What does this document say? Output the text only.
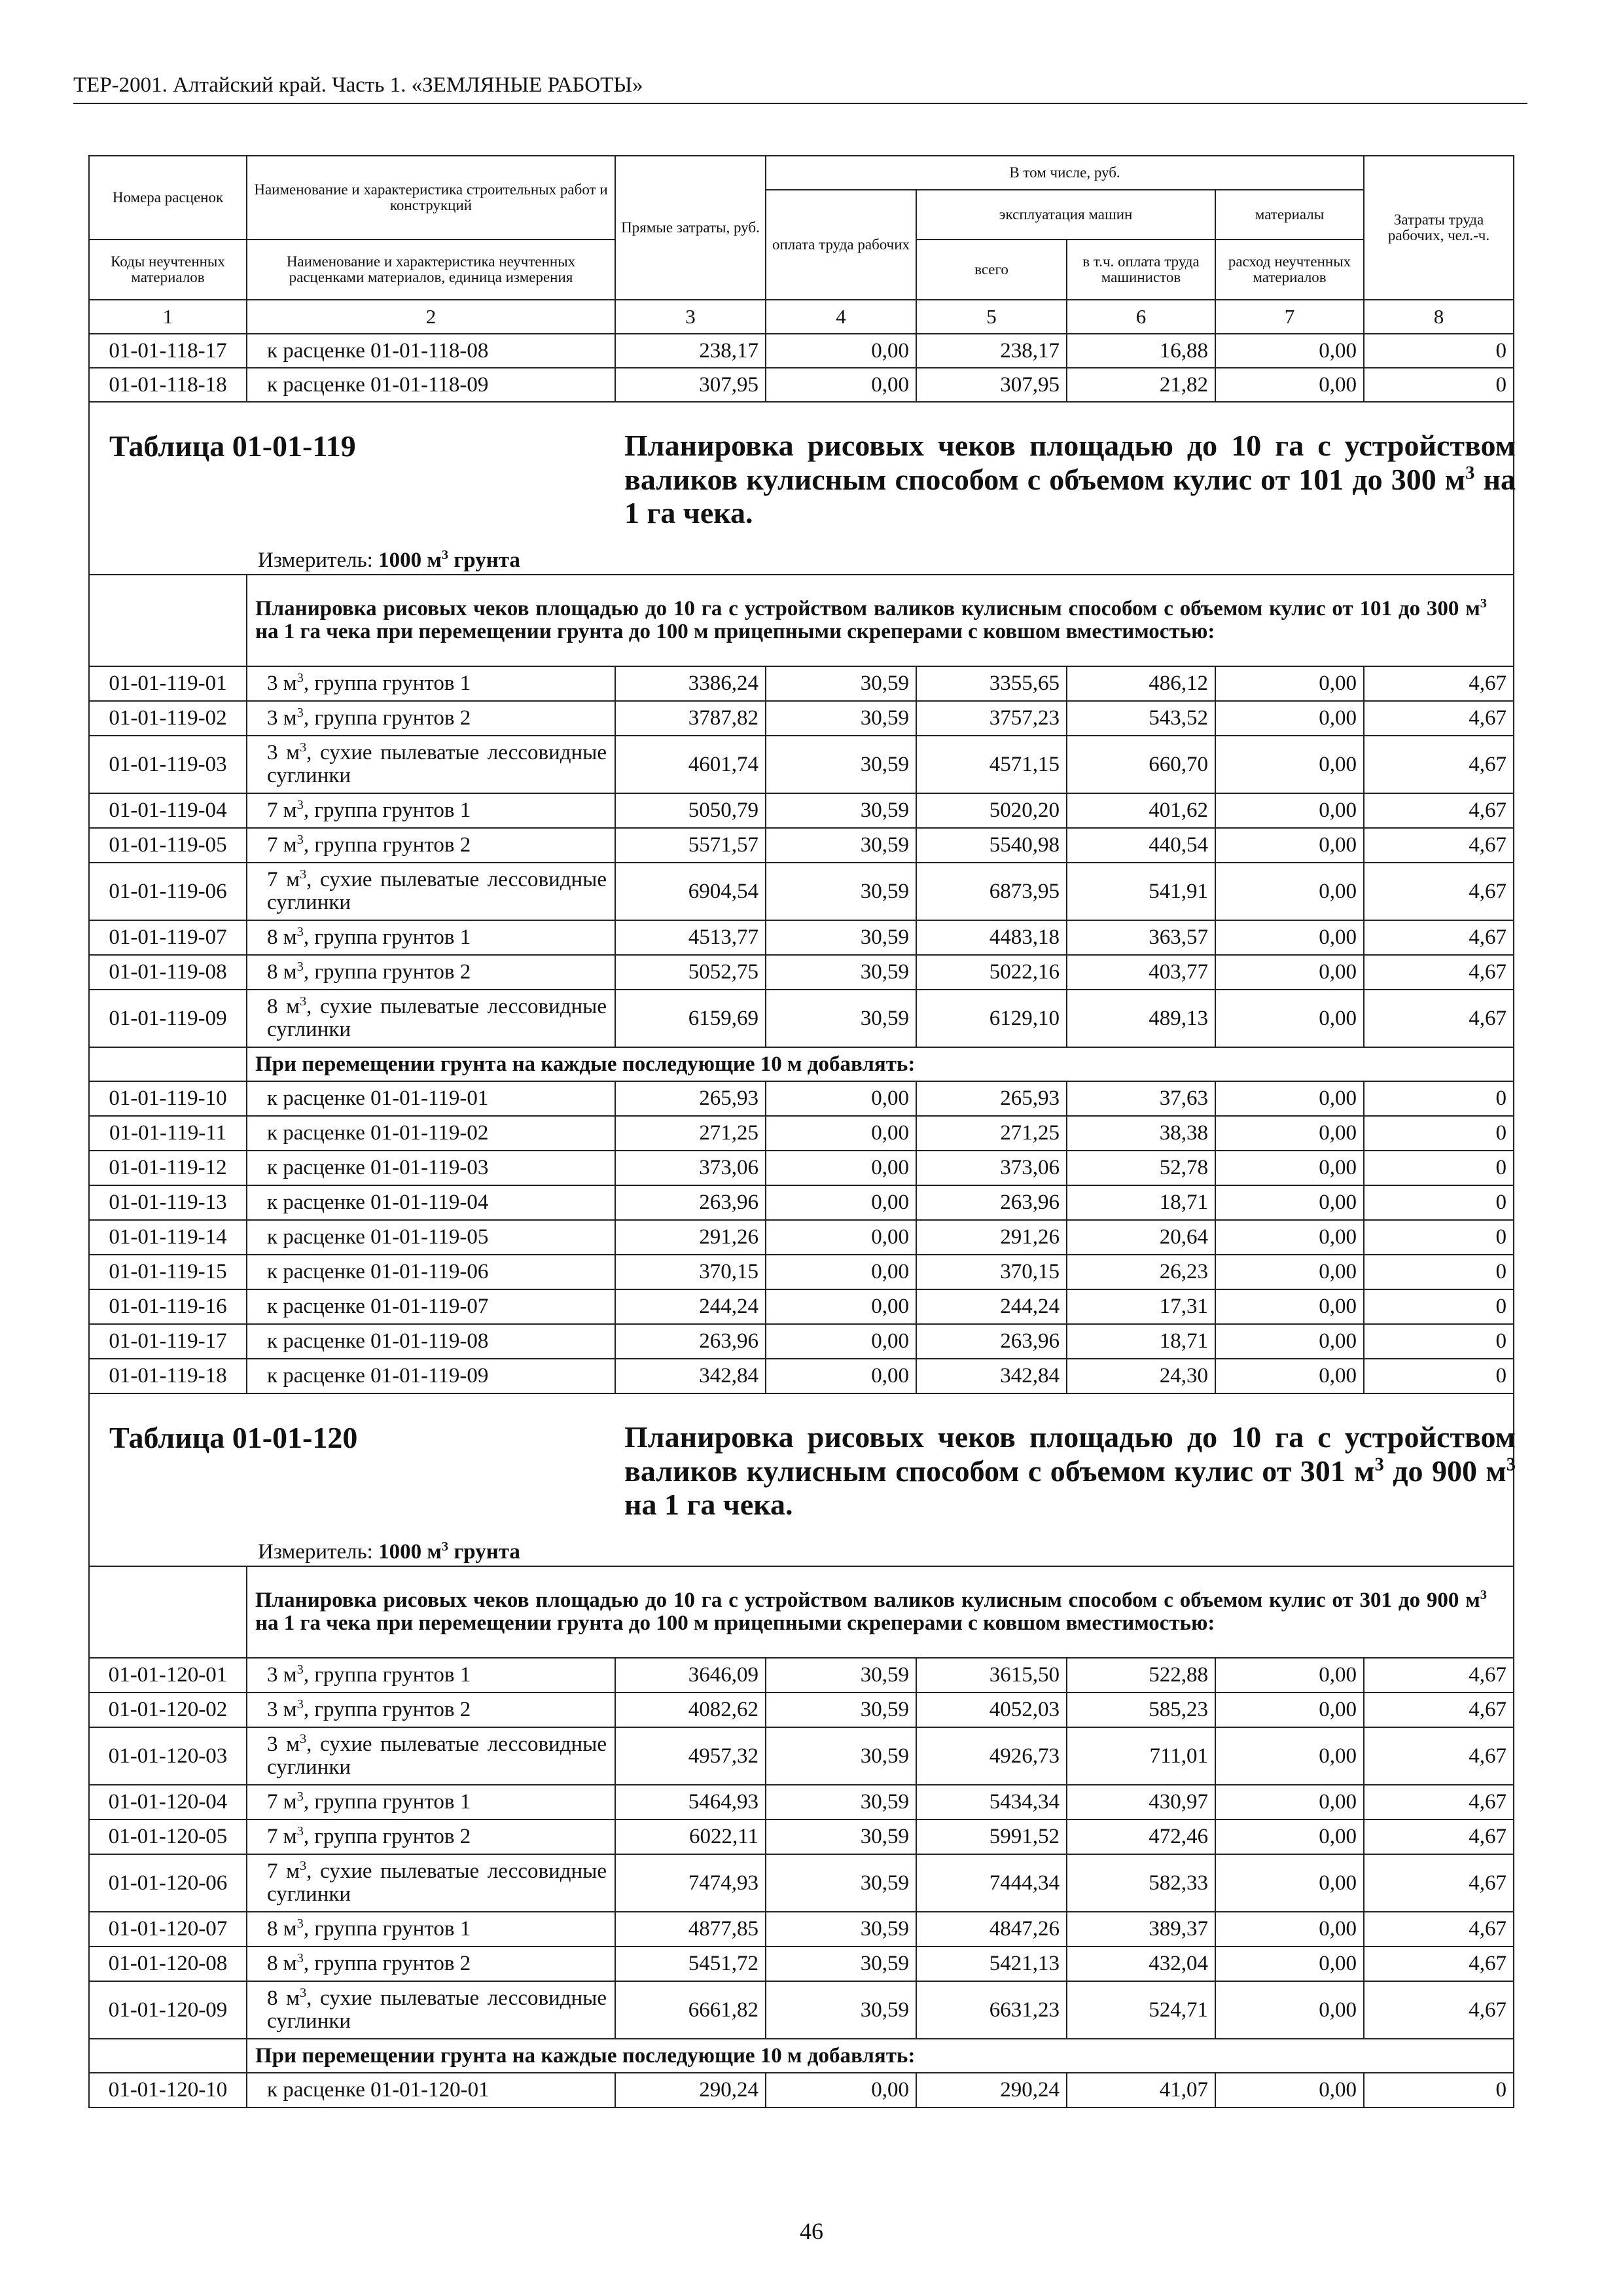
ТЕР-2001. Алтайский край. Часть 1. «ЗЕМЛЯНЫЕ РАБОТЫ»
Номера расценок	Наименование и характеристика строительных работ и конструкций	Прямые затраты, руб.	В том числе, руб.				Затраты труда рабочих, чел.-ч.
			оплата труда рабочих	эксплуатация машин		материалы	

Коды неучтенных материалов	Наименование и характеристика неучтенных расценками материалов, единица измерения			всего	в т.ч. оплата труда машинистов	расход неучтенных материалов	
1	2	3	4	5	6	7	8
01-01-118-17	к расценке 01-01-118-08	238,17	0,00	238,17	16,88	0,00	0
01-01-118-18	к расценке 01-01-118-09	307,95	0,00	307,95	21,82	0,00	0

Таблица 01-01-119 Планировка рисовых чеков площадью до 10 га с устройством валиков кулисным способом с объемом кулис от 101 до 300 $м^3$ на 1 га чека.
Измеритель: 1000 $м^3$ грунта							

	Планировка рисовых чеков площадью до 10 га с устройством валиков кулисным способом с объемом кулис от 101 до 300 $м^3$ на 1 га чека при перемещении грунта до 100 м прицепными скреперами с ковшом вместимостью:						
01-01-119-01	3 $м^3$, группа грунтов 1	3386,24	30,59	3355,65	486,12	0,00	4,67
01-01-119-02	3 $м^3$, группа грунтов 2	3787,82	30,59	3757,23	543,52	0,00	4,67
01-01-119-03	3 $м^3$, сухие пылеватые лессовидные суглинки	4601,74	30,59	4571,15	660,70	0,00	4,67
01-01-119-04	7 $м^3$, группа грунтов 1	5050,79	30,59	5020,20	401,62	0,00	4,67
01-01-119-05	7 $м^3$, группа грунтов 2	5571,57	30,59	5540,98	440,54	0,00	4,67
01-01-119-06	7 $м^3$, сухие пылеватые лессовидные суглинки	6904,54	30,59	6873,95	541,91	0,00	4,67
01-01-119-07	8 $м^3$, группа грунтов 1	4513,77	30,59	4483,18	363,57	0,00	4,67
01-01-119-08	8 $м^3$, группа грунтов 2	5052,75	30,59	5022,16	403,77	0,00	4,67
01-01-119-09	8 $м^3$, сухие пылеватые лессовидные суглинки	6159,69	30,59	6129,10	489,13	0,00	4,67
	При перемещении грунта на каждые последующие 10 м добавлять:						
01-01-119-10	к расценке 01-01-119-01	265,93	0,00	265,93	37,63	0,00	0
01-01-119-11	к расценке 01-01-119-02	271,25	0,00	271,25	38,38	0,00	0
01-01-119-12	к расценке 01-01-119-03	373,06	0,00	373,06	52,78	0,00	0
01-01-119-13	к расценке 01-01-119-04	263,96	0,00	263,96	18,71	0,00	0
01-01-119-14	к расценке 01-01-119-05	291,26	0,00	291,26	20,64	0,00	0
01-01-119-15	к расценке 01-01-119-06	370,15	0,00	370,15	26,23	0,00	0
01-01-119-16	к расценке 01-01-119-07	244,24	0,00	244,24	17,31	0,00	0
01-01-119-17	к расценке 01-01-119-08	263,96	0,00	263,96	18,71	0,00	0
01-01-119-18	к расценке 01-01-119-09	342,84	0,00	342,84	24,30	0,00	0

Таблица 01-01-120 Планировка рисовых чеков площадью до 10 га с устройством валиков кулисным способом с объемом кулис от 301 $м^3$ до 900 $м^3$ на 1 га чека.
Измеритель: 1000 $м^3$ грунта							

	Планировка рисовых чеков площадью до 10 га с устройством валиков кулисным способом с объемом кулис от 301 до 900 $м^3$ на 1 га чека при перемещении грунта до 100 м прицепными скреперами с ковшом вместимостью:						
01-01-120-01	3 $м^3$, группа грунтов 1	3646,09	30,59	3615,50	522,88	0,00	4,67
01-01-120-02	3 $м^3$, группа грунтов 2	4082,62	30,59	4052,03	585,23	0,00	4,67
01-01-120-03	3 $м^3$, сухие пылеватые лессовидные суглинки	4957,32	30,59	4926,73	711,01	0,00	4,67
01-01-120-04	7 $м^3$, группа грунтов 1	5464,93	30,59	5434,34	430,97	0,00	4,67
01-01-120-05	7 $м^3$, группа грунтов 2	6022,11	30,59	5991,52	472,46	0,00	4,67
01-01-120-06	7 $м^3$, сухие пылеватые лессовидные суглинки	7474,93	30,59	7444,34	582,33	0,00	4,67
01-01-120-07	8 $м^3$, группа грунтов 1	4877,85	30,59	4847,26	389,37	0,00	4,67
01-01-120-08	8 $м^3$, группа грунтов 2	5451,72	30,59	5421,13	432,04	0,00	4,67
01-01-120-09	8 $м^3$, сухие пылеватые лессовидные суглинки	6661,82	30,59	6631,23	524,71	0,00	4,67
	При перемещении грунта на каждые последующие 10 м добавлять:						
01-01-120-10	к расценке 01-01-120-01	290,24	0,00	290,24	41,07	0,00	0
46
